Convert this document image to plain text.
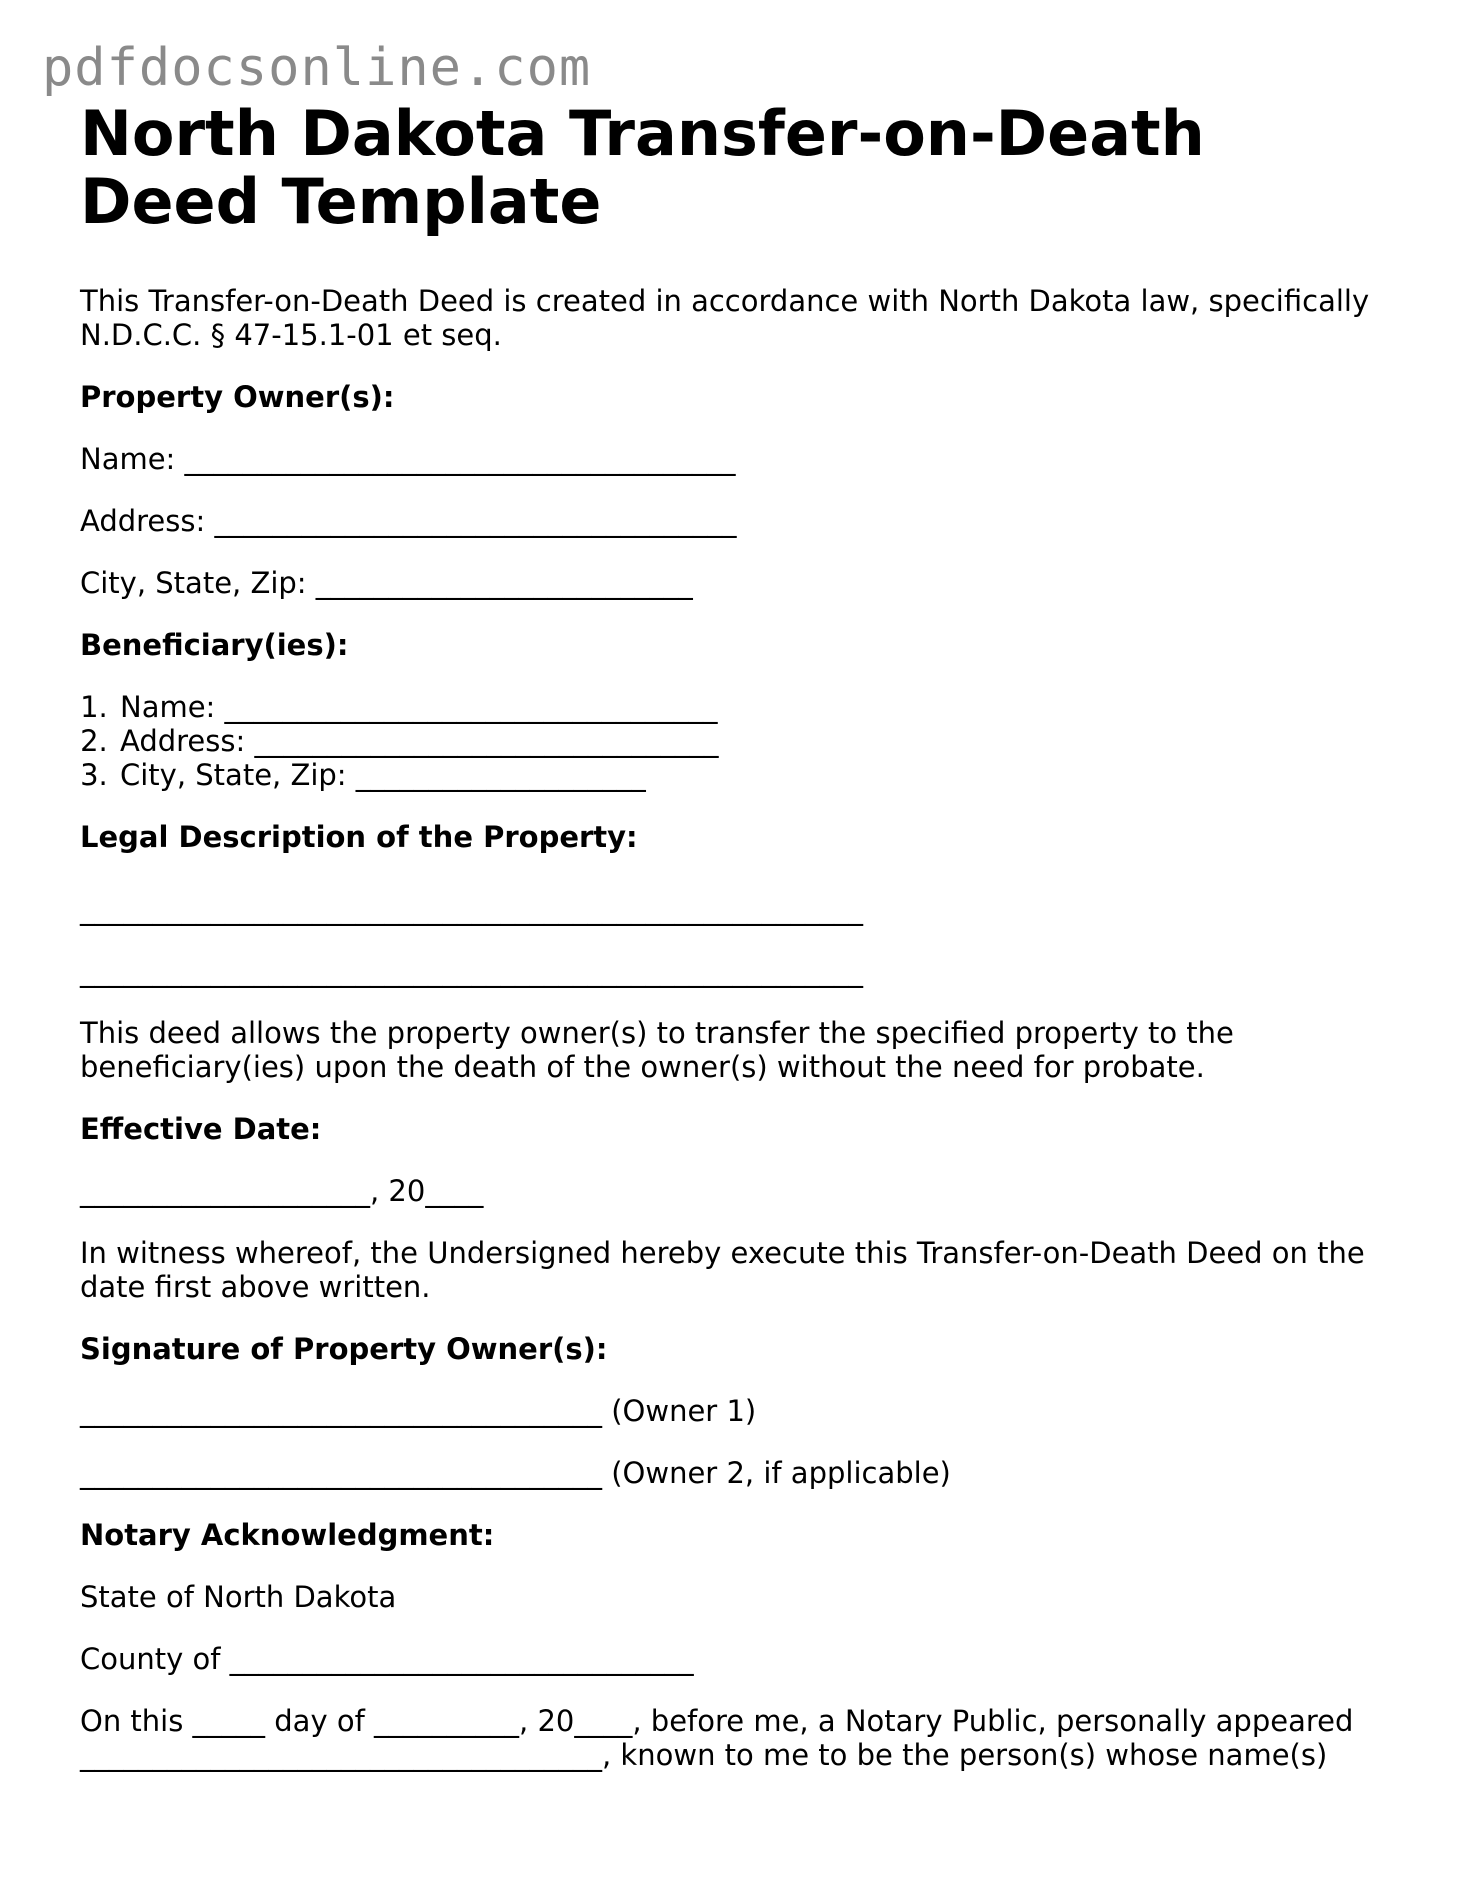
pdfdocsonline.com
North Dakota Transfer-on-Death Deed Template

This Transfer-on-Death Deed is created in accordance with North Dakota law, specifically N.D.C.C. § 47-15.1-01 et seq.

Property Owner(s):

Name: ______________________________________

Address: ____________________________________

City, State, Zip: __________________________

Beneficiary(ies):

1. Name: __________________________________
2. Address: ________________________________
3. City, State, Zip: ____________________

Legal Description of the Property:

______________________________________________________

______________________________________________________

This deed allows the property owner(s) to transfer the specified property to the beneficiary(ies) upon the death of the owner(s) without the need for probate.

Effective Date:

____________________, 20____

In witness whereof, the Undersigned hereby execute this Transfer-on-Death Deed on the date first above written.

Signature of Property Owner(s):

____________________________________ (Owner 1)

____________________________________ (Owner 2, if applicable)

Notary Acknowledgment:

State of North Dakota

County of ________________________________

On this _____ day of __________, 20____, before me, a Notary Public, personally appeared ____________________________________, known to me to be the person(s) whose name(s)
